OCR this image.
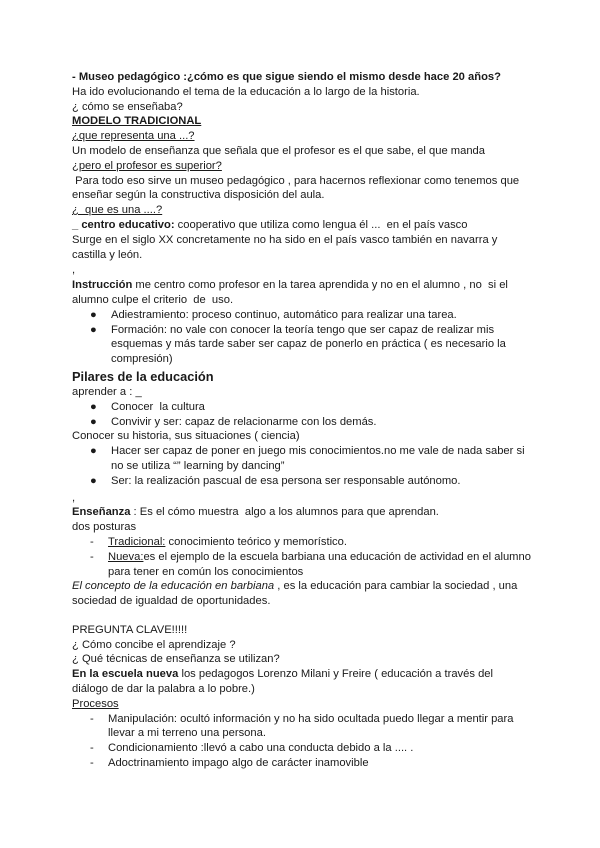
- Museo pedagógico :¿cómo es que sigue siendo el mismo desde hace 20 años?
Ha ido evolucionando el tema de la educación a lo largo de la historia.
¿ cómo se enseñaba?
MODELO TRADICIONAL
¿que representa una ...?
Un modelo de enseñanza que señala que el profesor es el que sabe, el que manda
¿pero el profesor es superior?
Para todo eso sirve un museo pedagógico , para hacernos reflexionar como tenemos que
enseñar según la constructiva disposición del aula.
¿  que es una ....?
_ centro educativo: cooperativo que utiliza como lengua él ...  en el país vasco
Surge en el siglo XX concretamente no ha sido en el país vasco también en navarra y
castilla y león.
,
Instrucción me centro como profesor en la tarea aprendida y no en el alumno , no  si el
alumno culpe el criterio  de  uso.
● Adiestramiento: proceso continuo, automático para realizar una tarea.
● Formación: no vale con conocer la teoría tengo que ser capaz de realizar mis esquemas y más tarde saber ser capaz de ponerlo en práctica ( es necesario la compresión)
Pilares de la educación
aprender a : _
● Conocer  la cultura
● Convivir y ser: capaz de relacionarme con los demás.
Conocer su historia, sus situaciones ( ciencia)
● Hacer ser capaz de poner en juego mis conocimientos.no me vale de nada saber si no se utiliza “” learning by dancing”
● Ser: la realización pascual de esa persona ser responsable autónomo.
,
Enseñanza : Es el cómo muestra  algo a los alumnos para que aprendan.
dos posturas
- Tradicional: conocimiento teórico y memorístico.
- Nueva:es el ejemplo de la escuela barbiana una educación de actividad en el alumno para tener en común los conocimientos
El concepto de la educación en barbiana , es la educación para cambiar la sociedad , una
sociedad de igualdad de oportunidades.
PREGUNTA CLAVE!!!!!
¿ Cómo concibe el aprendizaje ?
¿ Qué técnicas de enseñanza se utilizan?
En la escuela nueva los pedagogos Lorenzo Milani y Freire ( educación a través del
diálogo de dar la palabra a lo pobre.)
Procesos
- Manipulación: ocultó información y no ha sido ocultada puedo llegar a mentir para llevar a mi terreno una persona.
- Condicionamiento :llevó a cabo una conducta debido a la .... .
- Adoctrinamiento impago algo de carácter inamovible
